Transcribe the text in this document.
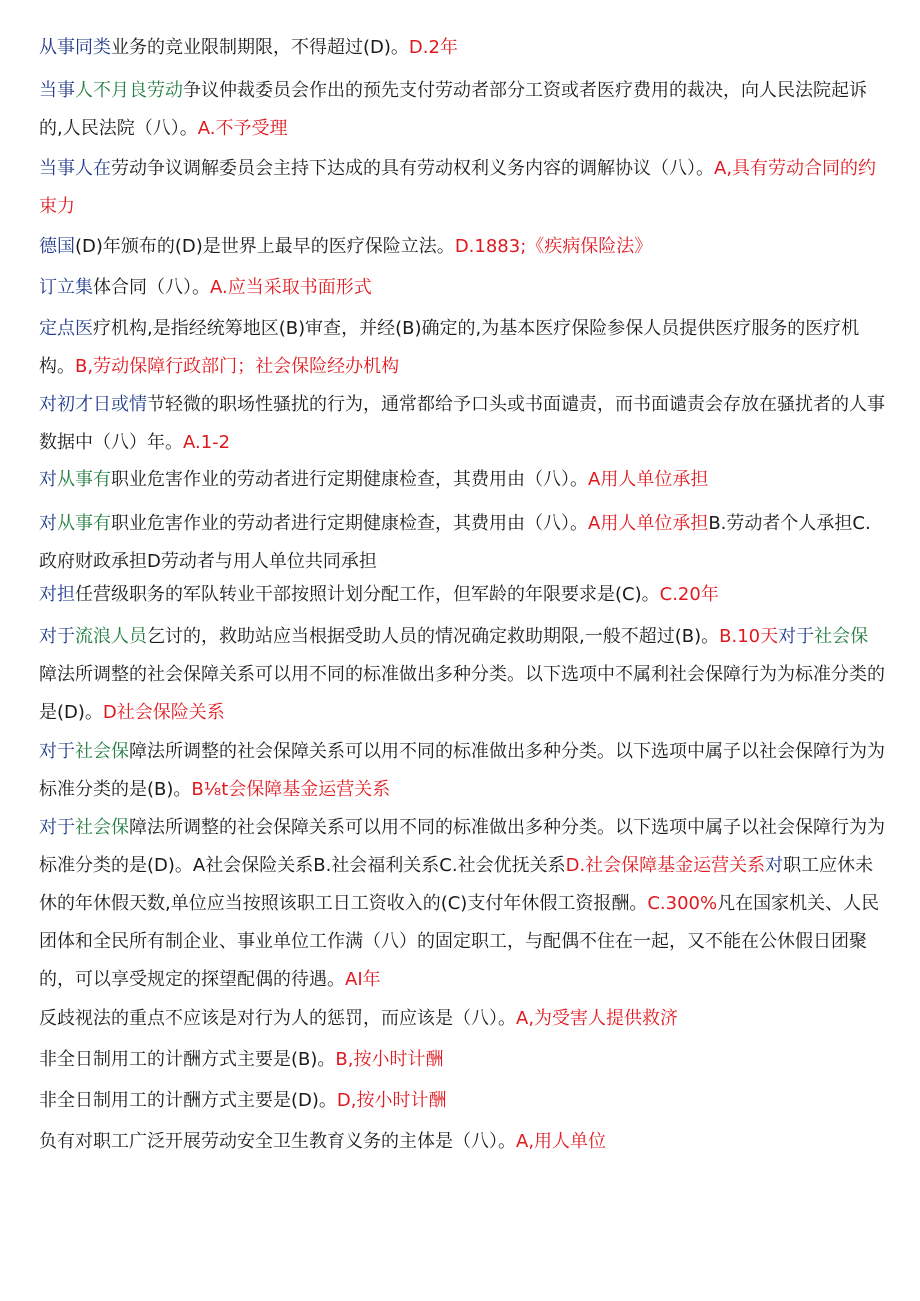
从事同类业务的竞业限制期限，不得超过(D)。D.2年

当事人不月良劳动争议仲裁委员会作出的预先支付劳动者部分工资或者医疗费用的裁决，向人民法院起诉的,人民法院（八）。A.不予受理

当事人在劳动争议调解委员会主持下达成的具有劳动权利义务内容的调解协议（八）。A,具有劳动合同的约束力

德国(D)年颁布的(D)是世界上最早的医疗保险立法。D.1883;《疾病保险法》

订立集体合同（八）。A.应当采取书面形式

定点医疗机构,是指经统筹地区(B)审查，并经(B)确定的,为基本医疗保险参保人员提供医疗服务的医疗机构。B,劳动保障行政部门；社会保险经办机构

对初才日或情节轻微的职场性骚扰的行为，通常都给予口头或书面谴责，而书面谴责会存放在骚扰者的人事数据中（八）年。A.1-2

对从事有职业危害作业的劳动者进行定期健康检查，其费用由（八）。A用人单位承担

对从事有职业危害作业的劳动者进行定期健康检查，其费用由（八）。A用人单位承担B.劳动者个人承担C.政府财政承担D劳动者与用人单位共同承担

对担任营级职务的军队转业干部按照计划分配工作，但军龄的年限要求是(C)。C.20年

对于流浪人员乞讨的，救助站应当根据受助人员的情况确定救助期限,一般不超过(B)。B.10天对于社会保障法所调整的社会保障关系可以用不同的标准做出多种分类。以下选项中不属利社会保障行为为标准分类的是(D)。D社会保险关系

对于社会保障法所调整的社会保障关系可以用不同的标准做出多种分类。以下选项中属子以社会保障行为为标准分类的是(B)。B⅛t会保障基金运营关系

对于社会保障法所调整的社会保障关系可以用不同的标准做出多种分类。以下选项中属子以社会保障行为为标准分类的是(D)。A社会保险关系B.社会福利关系C.社会优抚关系D.社会保障基金运营关系对职工应休未休的年休假天数,单位应当按照该职工日工资收入的(C)支付年休假工资报酬。C.300%凡在国家机关、人民团体和全民所有制企业、事业单位工作满（八）的固定职工，与配偶不住在一起，又不能在公休假日团聚的，可以享受规定的探望配偶的待遇。AI年

反歧视法的重点不应该是对行为人的惩罚，而应该是（八）。A,为受害人提供救济

非全日制用工的计酬方式主要是(B)。B,按小时计酬

非全日制用工的计酬方式主要是(D)。D,按小时计酬

负有对职工广泛开展劳动安全卫生教育义务的主体是（八）。A,用人单位
